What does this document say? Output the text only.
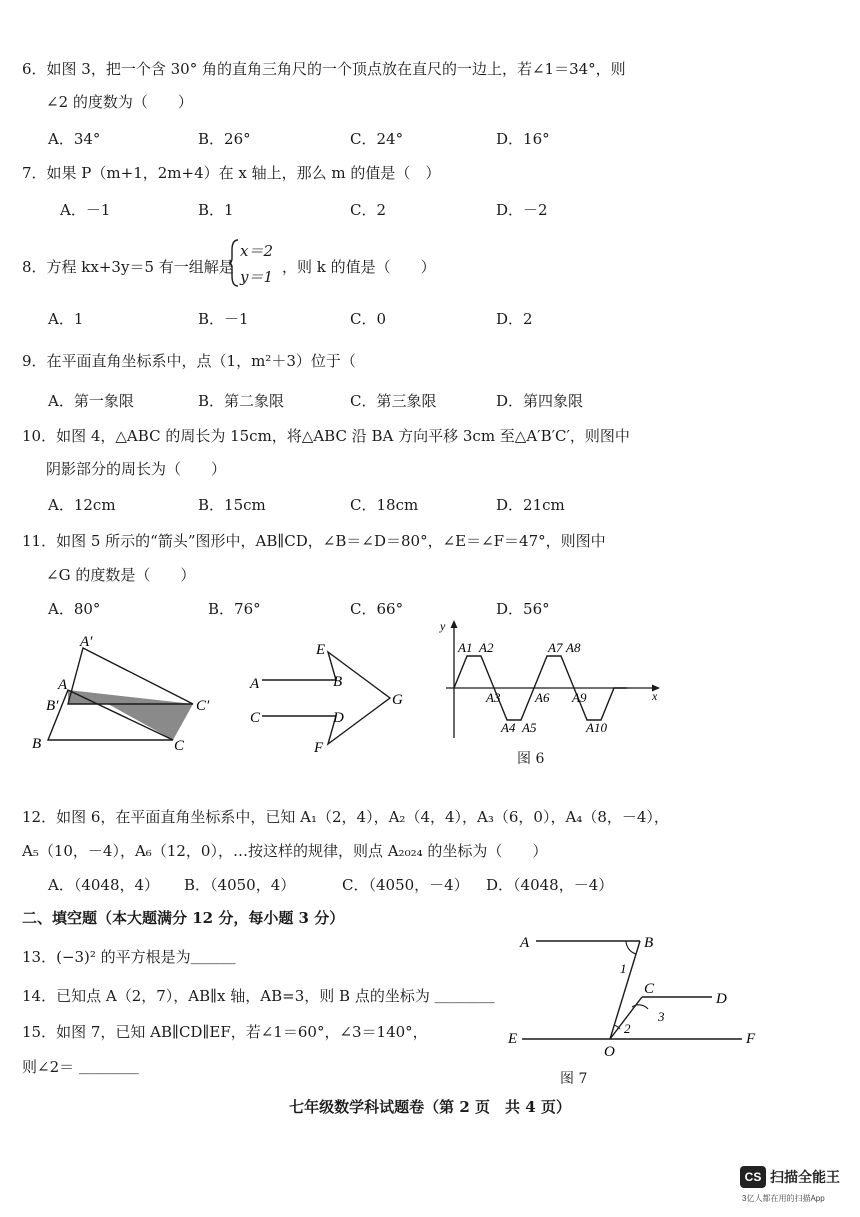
6．如图 3，把一个含 30° 角的直角三角尺的一个顶点放在直尺的一边上，若∠1＝34°，则
∠2 的度数为（　　）
A．34°	B．26°	C．24°	D．16°
7．如果 P（m+1，2m+4）在 x 轴上，那么 m 的值是（　）
A．－1	B．1	C．2	D．－2
8．方程 kx+3y＝5 有一组解是
x＝2
y＝1
，则 k 的值是（　　）
A．1	B．－1	C．0	D．2
9．在平面直角坐标系中，点（1，m²＋3）位于（
A．第一象限	B．第二象限	C．第三象限	D．第四象限
10．如图 4，△ABC 的周长为 15cm，将△ABC 沿 BA 方向平移 3cm 至△A′B′C′，则图中
阴影部分的周长为（　　）
A．12cm	B．15cm	C．18cm	D．21cm
11．如图 5 所示的“箭头”图形中，AB∥CD，∠B＝∠D＝80°，∠E＝∠F＝47°，则图中
∠G 的度数是（　　）
A．80°	B．76°	C．66°	D．56°
A′
A
B′	C′
B	C
E
A	B
G
C	D
F
y
x
A1 A2
A3
A4 A5
A6
A7 A8
A9
A10
图 6
12．如图 6，在平面直角坐标系中，已知 A₁（2，4），A₂（4，4），A₃（6，0），A₄（8，－4），
A₅（10，－4），A₆（12，0），…按这样的规律，则点 A₂₀₂₄ 的坐标为（　　）
A．（4048，4） B．（4050，4）	C．（4050，－4） D．（4048，－4）
二、填空题（本大题满分 12 分，每小题 3 分）
13．(−3)² 的平方根是为＿＿＿
14．已知点 A（2，7），AB∥x 轴，AB=3，则 B 点的坐标为 ＿＿＿＿
15．如图 7，已知 AB∥CD∥EF，若∠1＝60°，∠3＝140°，
则∠2＝ ＿＿＿＿
A	B
1
C
D
2
3
E
O
F
图 7
七年级数学科试题卷（第 2 页　共 4 页）
CS 扫描全能王
3亿人都在用的扫描App
